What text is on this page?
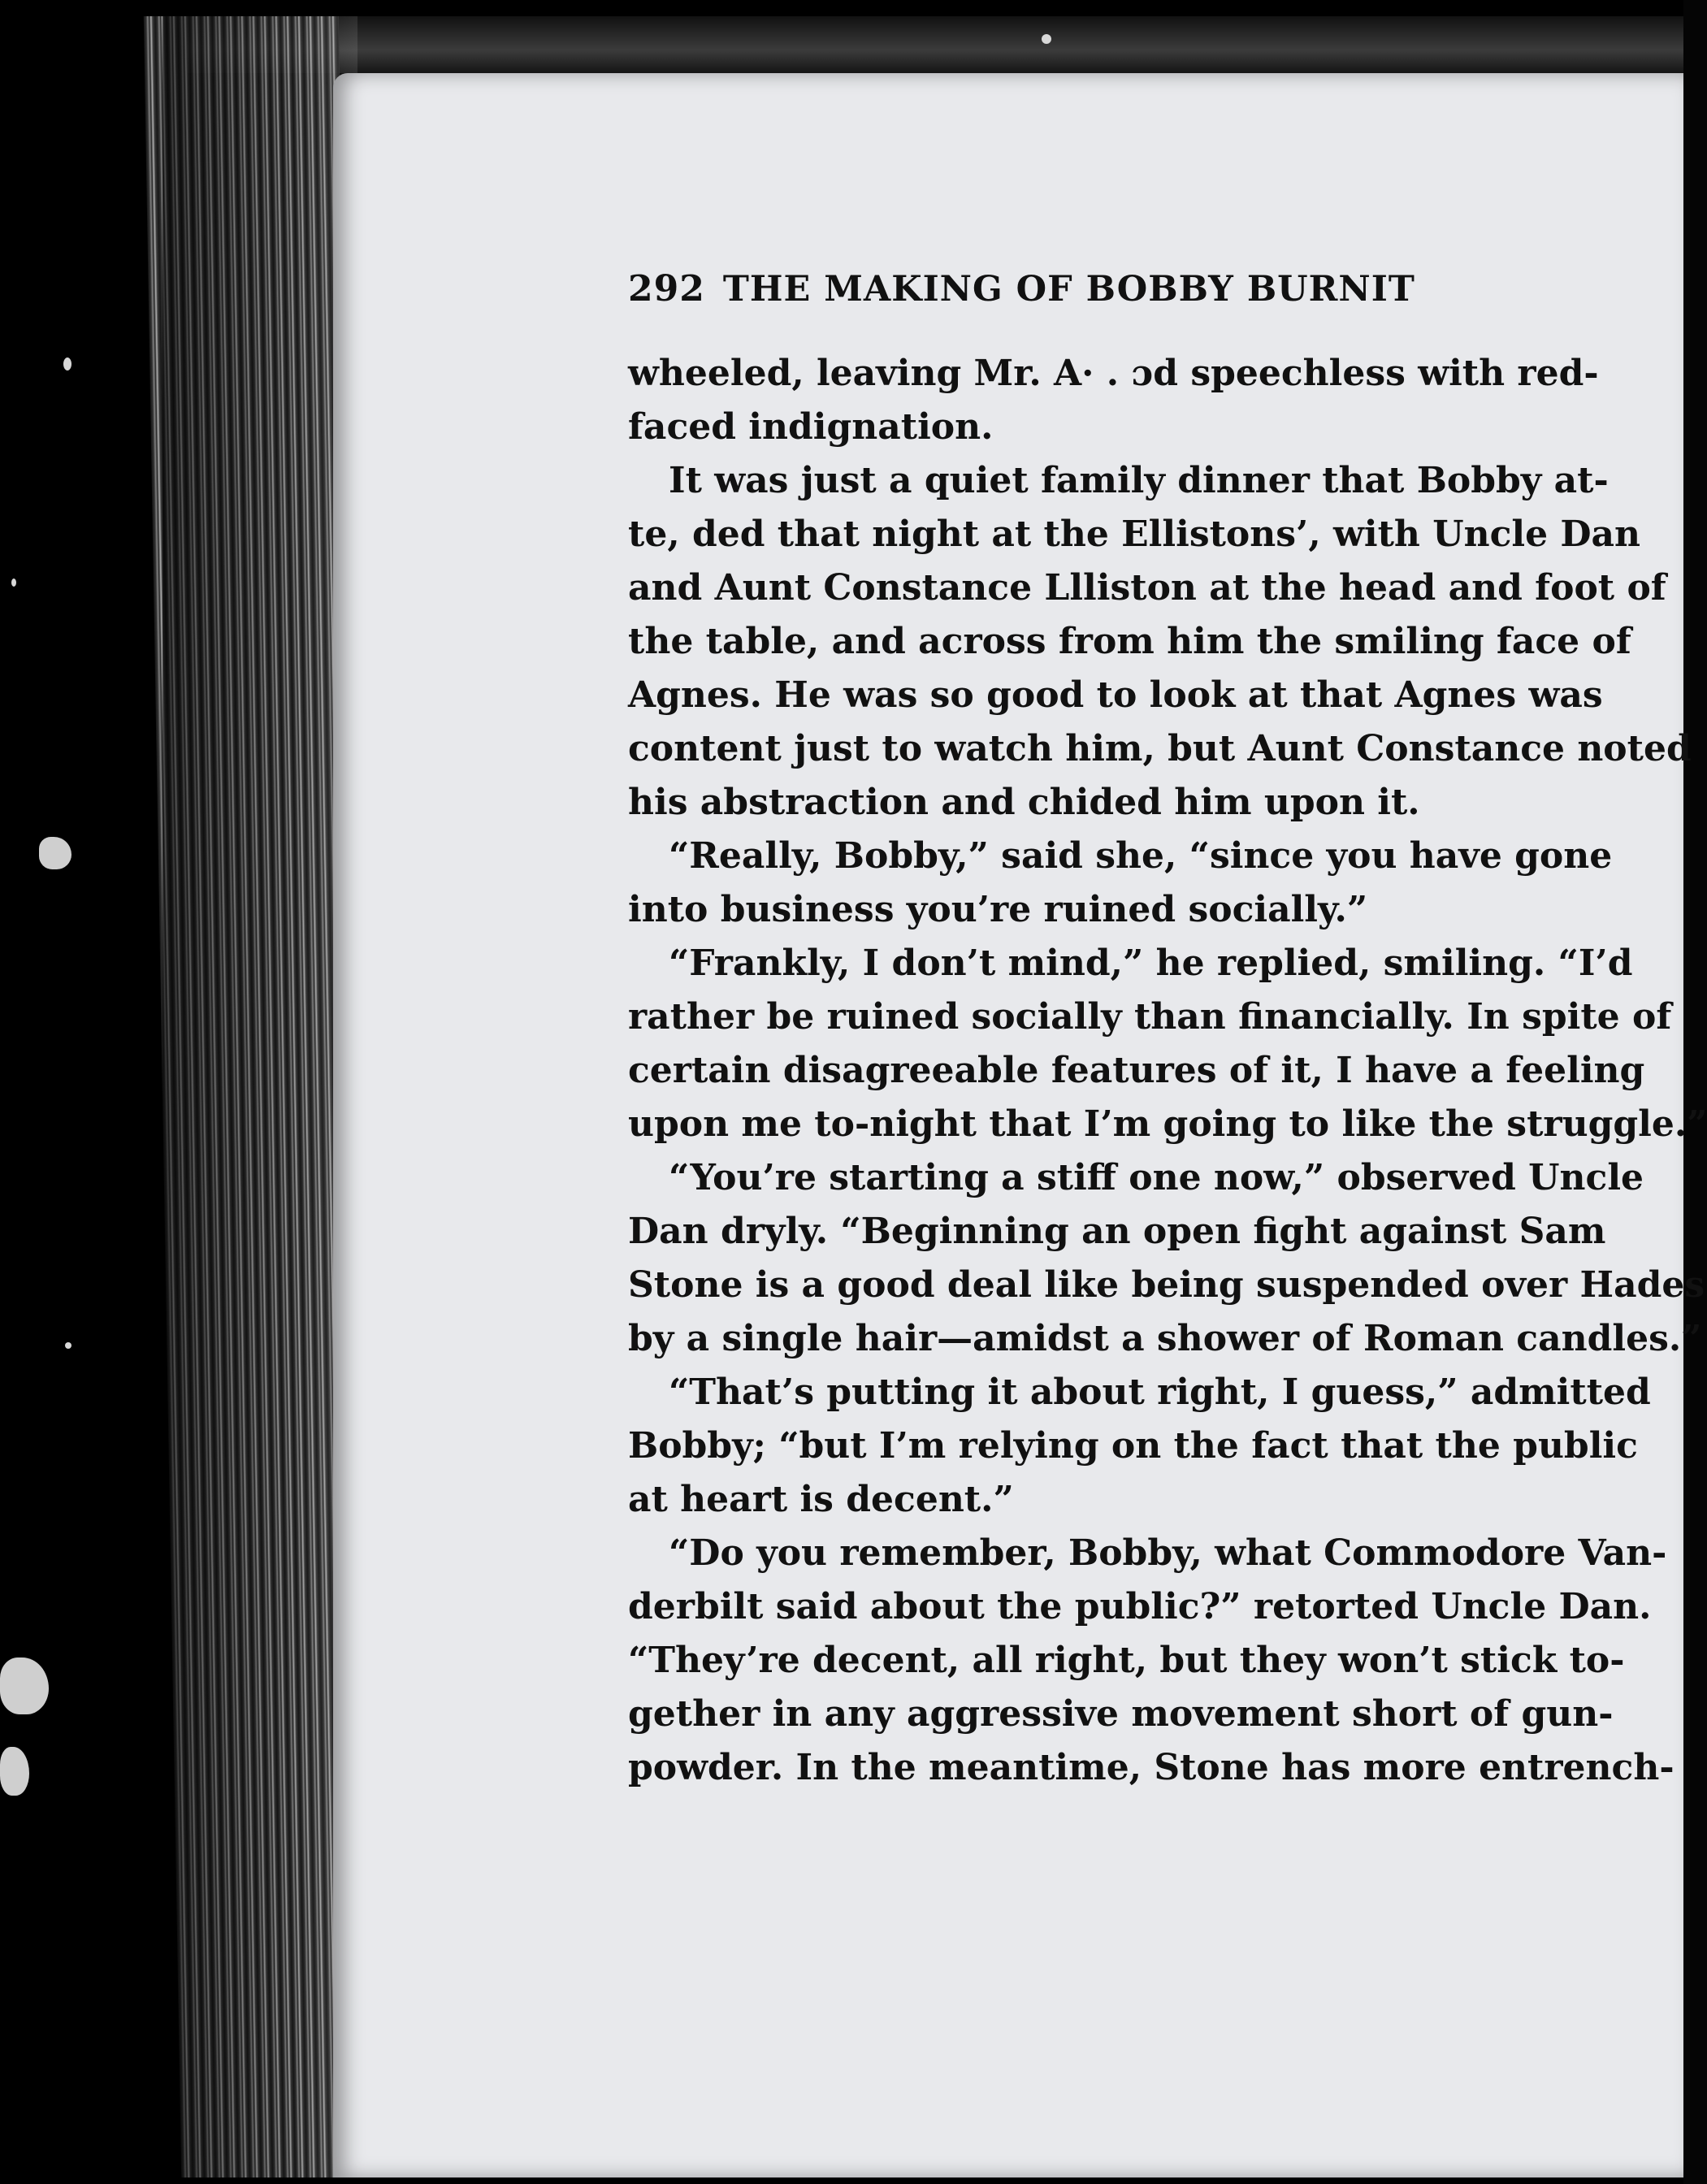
292 THE MAKING OF BOBBY BURNIT
wheeled, leaving Mr. A· . ɔd speechless with red-
faced indignation.
It was just a quiet family dinner that Bobby at-
te, ded that night at the Ellistons’, with Uncle Dan
and Aunt Constance Llliston at the head and foot of
the table, and across from him the smiling face of
Agnes. He was so good to look at that Agnes was
content just to watch him, but Aunt Constance noted
his abstraction and chided him upon it.
“Really, Bobby,” said she, “since you have gone
into business you’re ruined socially.”
“Frankly, I don’t mind,” he replied, smiling. “I’d
rather be ruined socially than financially. In spite of
certain disagreeable features of it, I have a feeling
upon me to-night that I’m going to like the struggle.”
“You’re starting a stiff one now,” observed Uncle
Dan dryly. “Beginning an open fight against Sam
Stone is a good deal like being suspended over Hades
by a single hair—amidst a shower of Roman candles.”
“That’s putting it about right, I guess,” admitted
Bobby; “but I’m relying on the fact that the public
at heart is decent.”
“Do you remember, Bobby, what Commodore Van-
derbilt said about the public?” retorted Uncle Dan.
“They’re decent, all right, but they won’t stick to-
gether in any aggressive movement short of gun-
powder. In the meantime, Stone has more entrench-
